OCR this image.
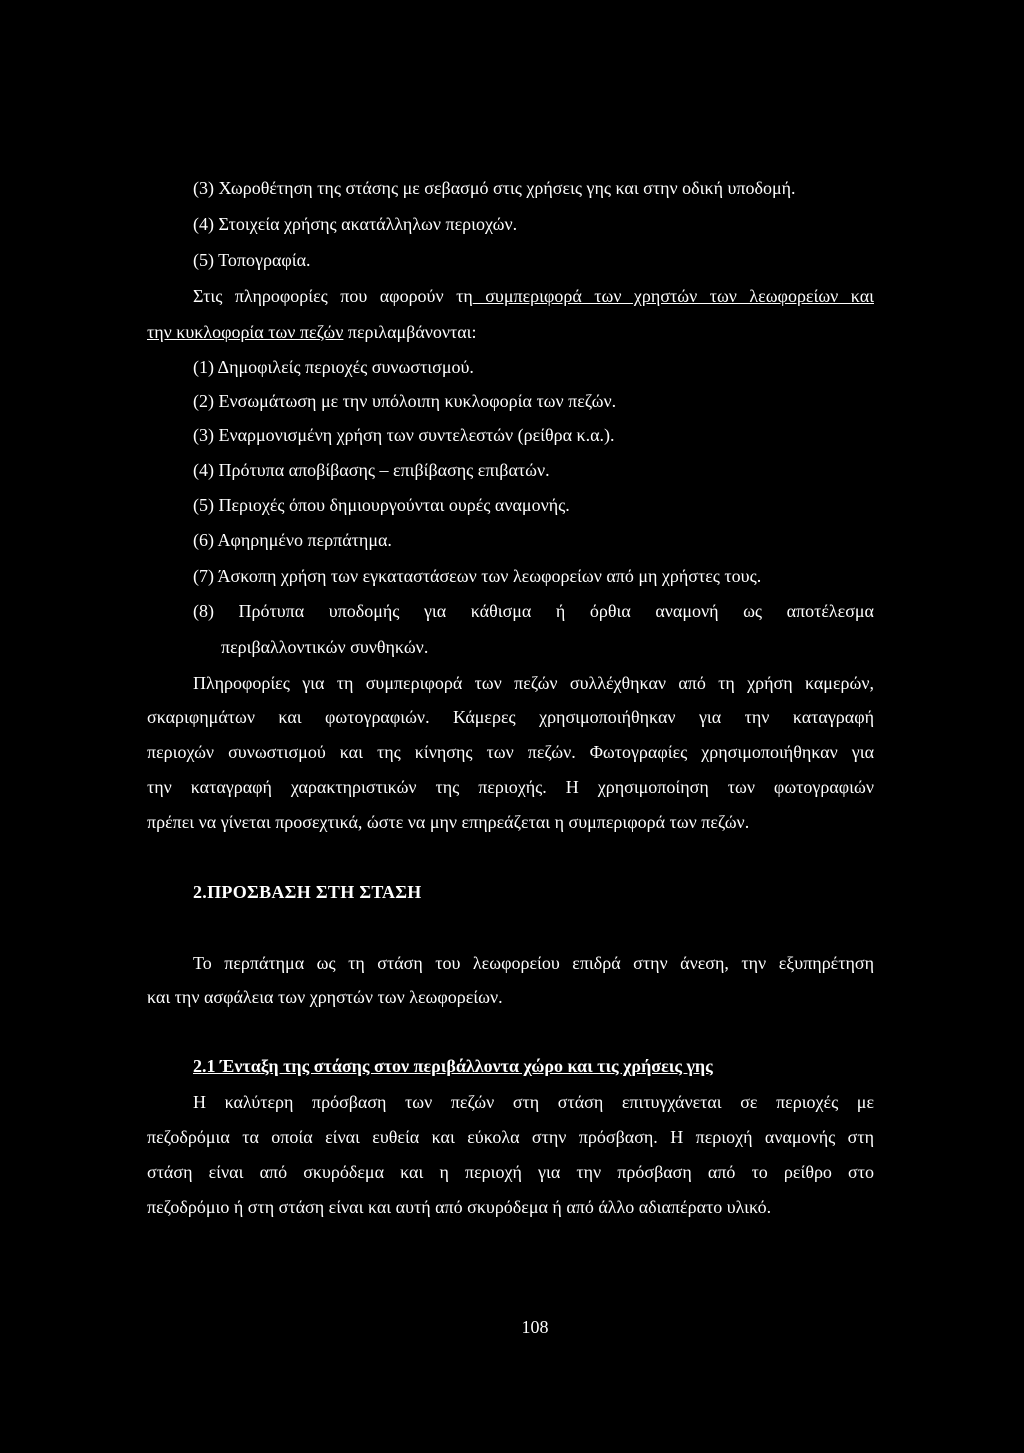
(3) Χωροθέτηση της στάσης με σεβασμό στις χρήσεις γης και στην οδική υποδομή.
(4) Στοιχεία χρήσης ακατάλληλων περιοχών.
(5) Τοπογραφία.
Στις πληροφορίες που αφορούν τη συμπεριφορά των χρηστών των λεωφορείων και
την κυκλοφορία των πεζών περιλαμβάνονται:
(1) Δημοφιλείς περιοχές συνωστισμού.
(2) Ενσωμάτωση με την υπόλοιπη κυκλοφορία των πεζών.
(3) Εναρμονισμένη χρήση των συντελεστών (ρείθρα κ.α.).
(4) Πρότυπα αποβίβασης – επιβίβασης επιβατών.
(5) Περιοχές όπου δημιουργούνται ουρές αναμονής.
(6) Αφηρημένο περπάτημα.
(7) Άσκοπη χρήση των εγκαταστάσεων των λεωφορείων από μη χρήστες τους.
(8) Πρότυπα υποδομής για κάθισμα ή όρθια αναμονή ως αποτέλεσμα
περιβαλλοντικών συνθηκών.
Πληροφορίες για τη συμπεριφορά των πεζών συλλέχθηκαν από τη χρήση καμερών,
σκαριφημάτων και φωτογραφιών. Κάμερες χρησιμοποιήθηκαν για την καταγραφή
περιοχών συνωστισμού και της κίνησης των πεζών. Φωτογραφίες χρησιμοποιήθηκαν για
την καταγραφή χαρακτηριστικών της περιοχής. Η χρησιμοποίηση των φωτογραφιών
πρέπει να γίνεται προσεχτικά, ώστε να μην επηρεάζεται η συμπεριφορά των πεζών.
2.ΠΡΟΣΒΑΣΗ ΣΤΗ ΣΤΑΣΗ
Το περπάτημα ως τη στάση του λεωφορείου επιδρά στην άνεση, την εξυπηρέτηση
και την ασφάλεια των χρηστών των λεωφορείων.
2.1 Ένταξη της στάσης στον περιβάλλοντα χώρο και τις χρήσεις γης
Η καλύτερη πρόσβαση των πεζών στη στάση επιτυγχάνεται σε περιοχές με
πεζοδρόμια τα οποία είναι ευθεία και εύκολα στην πρόσβαση. Η περιοχή αναμονής στη
στάση είναι από σκυρόδεμα και η περιοχή για την πρόσβαση από το ρείθρο στο
πεζοδρόμιο ή στη στάση είναι και αυτή από σκυρόδεμα ή από άλλο αδιαπέρατο υλικό.
108
